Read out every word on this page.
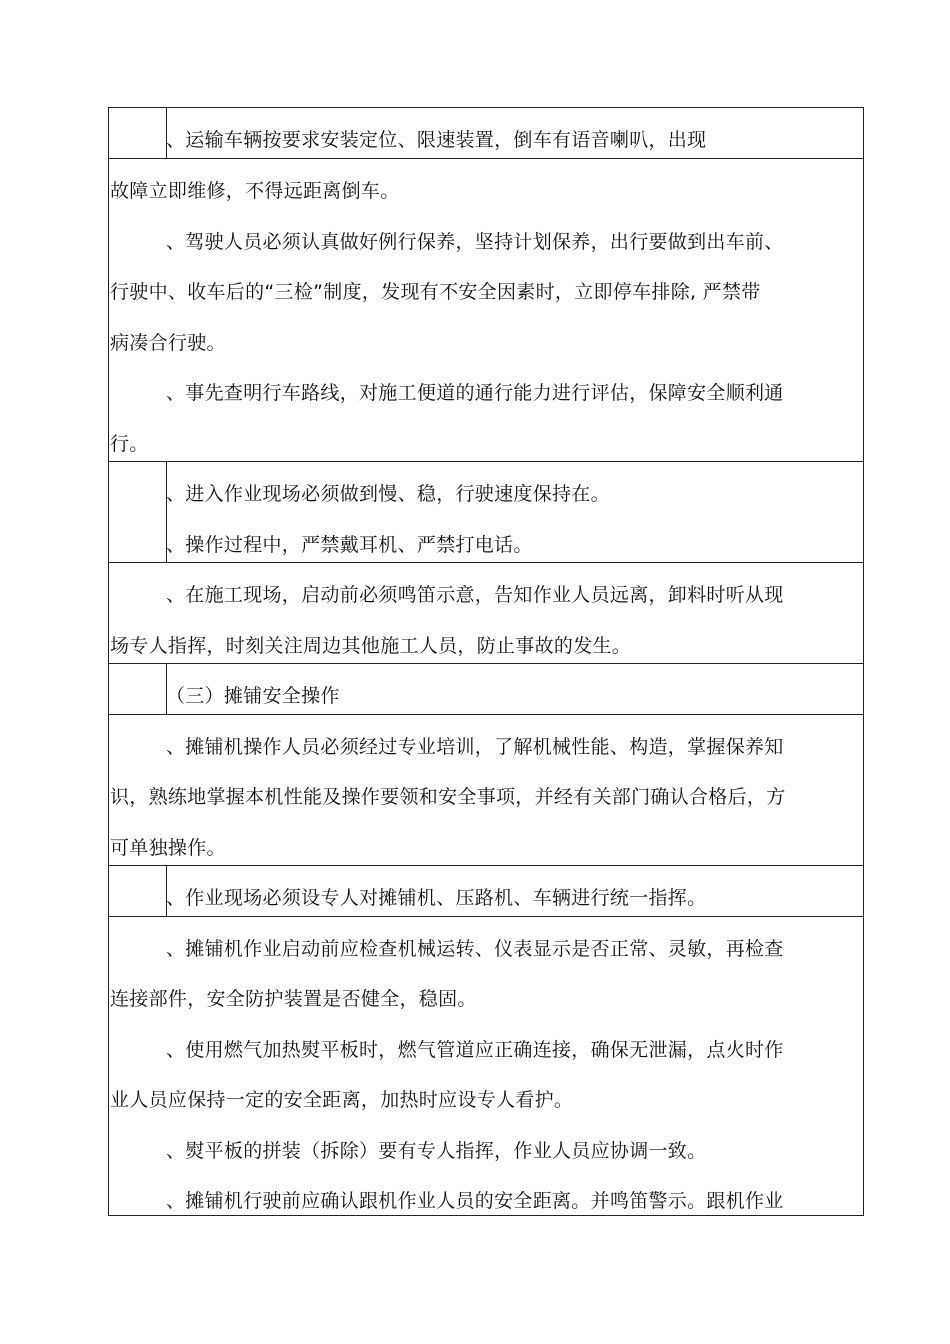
、运输车辆按要求安装定位、限速装置，倒车有语音喇叭，出现
故障立即维修，不得远距离倒车。
、驾驶人员必须认真做好例行保养，坚持计划保养，出行要做到出车前、
行驶中、收车后的“三检”制度，发现有不安全因素时，立即停车排除, 严禁带
病凑合行驶。
、事先查明行车路线，对施工便道的通行能力进行评估，保障安全顺利通
行。
、进入作业现场必须做到慢、稳，行驶速度保持在。
、操作过程中，严禁戴耳机、严禁打电话。
、在施工现场，启动前必须鸣笛示意，告知作业人员远离，卸料时听从现
场专人指挥，时刻关注周边其他施工人员，防止事故的发生。
（三）摊铺安全操作
、摊铺机操作人员必须经过专业培训，了解机械性能、构造，掌握保养知
识，熟练地掌握本机性能及操作要领和安全事项，并经有关部门确认合格后，方
可单独操作。
、作业现场必须设专人对摊铺机、压路机、车辆进行统一指挥。
、摊铺机作业启动前应检查机械运转、仪表显示是否正常、灵敏，再检查
连接部件，安全防护装置是否健全，稳固。
、使用燃气加热熨平板时，燃气管道应正确连接，确保无泄漏，点火时作
业人员应保持一定的安全距离，加热时应设专人看护。
、熨平板的拼装（拆除）要有专人指挥，作业人员应协调一致。
、摊铺机行驶前应确认跟机作业人员的安全距离。并鸣笛警示。跟机作业
